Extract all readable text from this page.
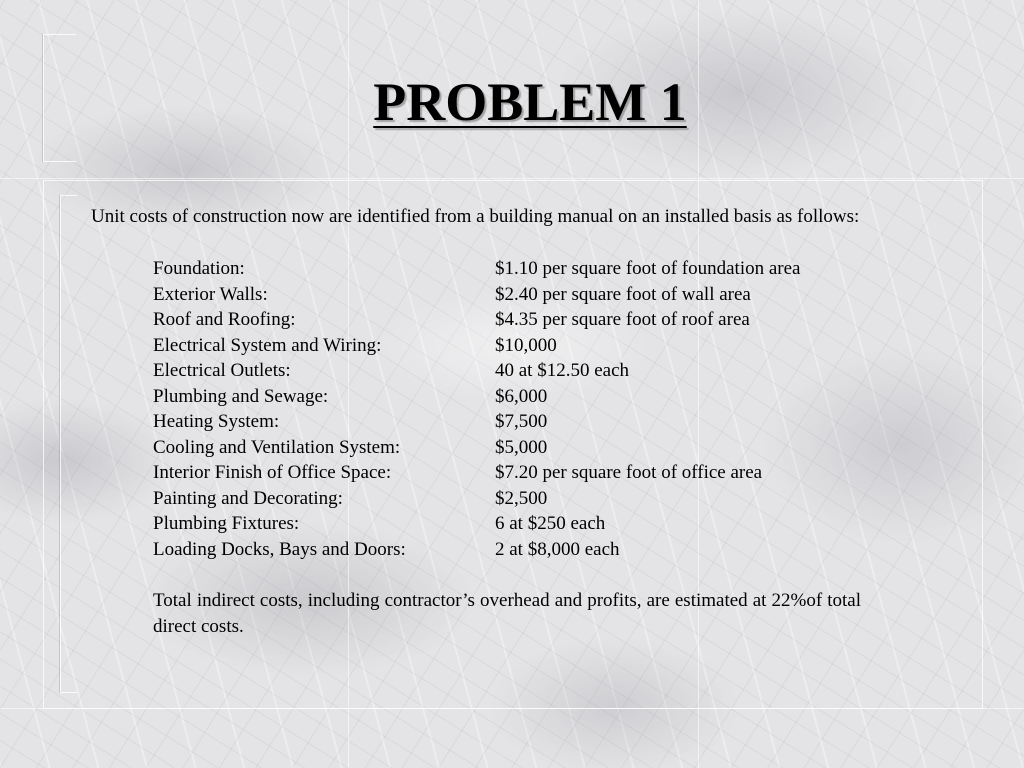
PROBLEM 1

Unit costs of construction now are identified from a building manual on an installed basis as follows:

Foundation:	$1.10 per square foot of foundation area
Exterior Walls:	$2.40 per square foot of wall area
Roof and Roofing:	$4.35 per square foot of roof area
Electrical System and Wiring:	$10,000
Electrical Outlets:	40 at $12.50 each
Plumbing and Sewage:	$6,000
Heating System:	$7,500
Cooling and Ventilation System:	$5,000
Interior Finish of Office Space:	$7.20 per square foot of office area
Painting and Decorating:	$2,500
Plumbing Fixtures:	6 at $250 each
Loading Docks, Bays and Doors:	2 at $8,000 each

Total indirect costs, including contractor’s overhead and profits, are estimated at 22%of total direct costs.
